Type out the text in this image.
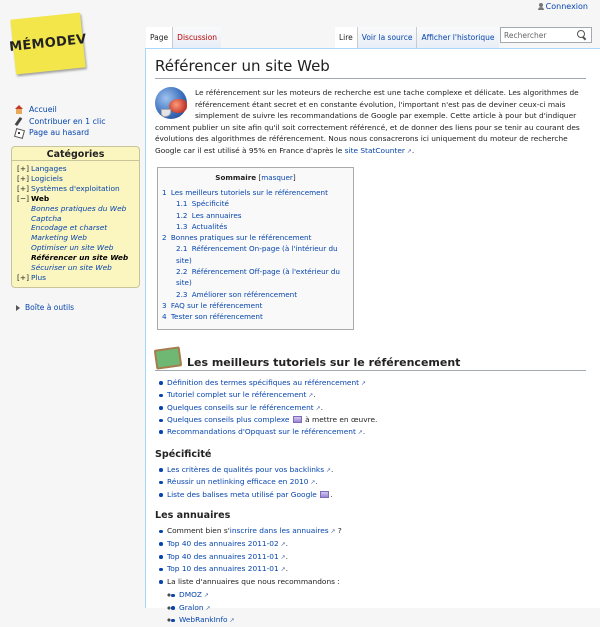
Connexion
MÉMODEV	Page	Discussion	Lire	Voir la source	Afficher l'historique
Rechercher
Accueil
Contribuer en 1 clic
Page au hasard
Catégories
[+] Langages
[+] Logiciels
[+] Systèmes d'exploitation
[−] Web
Bonnes pratiques du Web
Captcha
Encodage et charset
Marketing Web
Optimiser un site Web
Référencer un site Web
Sécuriser un site Web
[+] Plus
Boîte à outils
Référencer un site Web

Le référencement sur les moteurs de recherche est une tache complexe et délicate. Les algorithmes de référencement étant secret et en constante évolution, l'important n'est pas de deviner ceux-ci mais simplement de suivre les recommandations de Google par exemple. Cette article à pour but d'indiquer comment publier un site afin qu'il soit correctement référencé, et de donner des liens pour se tenir au courant des évolutions des algorithmes de référencement. Nous nous consacrerons ici uniquement du moteur de recherche Google car il est utilisé à 95% en France d'après le site StatCounter ↗ .

Sommaire [masquer]
1 Les meilleurs tutoriels sur le référencement
1.1 Spécificité
1.2 Les annuaires
1.3 Actualités
2 Bonnes pratiques sur le référencement
2.1 Référencement On-page (à l'intérieur du site)
2.2 Référencement Off-page (à l'extérieur du site)
2.3 Améliorer son référencement
3 FAQ sur le référencement
4 Tester son référencement
Les meilleurs tutoriels sur le référencement
Définition des termes spécifiques au référencement ↗
Tutoriel complet sur le référencement ↗ .
Quelques conseils sur le référencement ↗ .
Quelques conseils plus complexe  à mettre en œuvre.
Recommandations d'Opquast sur le référencement ↗ .
Spécificité
Les critères de qualités pour vos backlinks ↗ .
Réussir un netlinking efficace en 2010 ↗ .
Liste des balises meta utilisé par Google .
Les annuaires
Comment bien s'inscrire dans les annuaires ↗ ?
Top 40 des annuaires 2011-02 ↗ .
Top 40 des annuaires 2011-01 ↗ .
Top 10 des annuaires 2011-01 ↗ .
La liste d'annuaires que nous recommandons :
◦ DMOZ ↗
◦ Gralon ↗
◦ WebRankInfo ↗
